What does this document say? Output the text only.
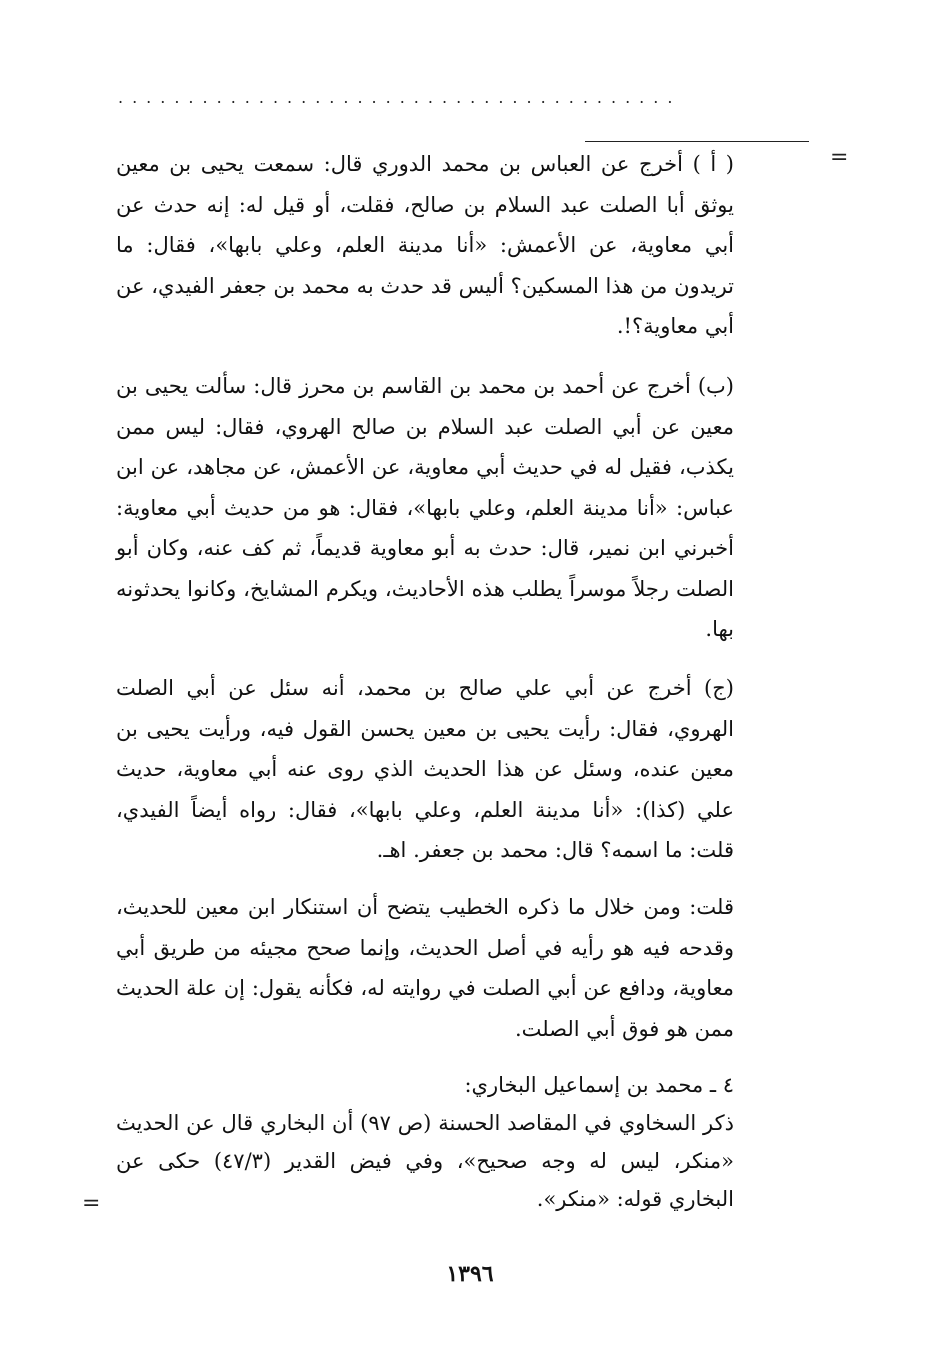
........................................
=
=

( أ ) أخرج عن العباس بن محمد الدوري قال: سمعت يحيى بن معين يوثق أبا الصلت عبد السلام بن صالح، فقلت، أو قيل له: إنه حدث عن أبي معاوية، عن الأعمش: «أنا مدينة العلم، وعلي بابها»، فقال: ما تريدون من هذا المسكين؟ أليس قد حدث به محمد بن جعفر الفيدي، عن أبي معاوية؟!.

(ب) أخرج عن أحمد بن محمد بن القاسم بن محرز قال: سألت يحيى بن معين عن أبي الصلت عبد السلام بن صالح الهروي، فقال: ليس ممن يكذب، فقيل له في حديث أبي معاوية، عن الأعمش، عن مجاهد، عن ابن عباس: «أنا مدينة العلم، وعلي بابها»، فقال: هو من حديث أبي معاوية: أخبرني ابن نمير، قال: حدث به أبو معاوية قديماً، ثم كف عنه، وكان أبو الصلت رجلاً موسراً يطلب هذه الأحاديث، ويكرم المشايخ، وكانوا يحدثونه بها.

(ج) أخرج عن أبي علي صالح بن محمد، أنه سئل عن أبي الصلت الهروي، فقال: رأيت يحيى بن معين يحسن القول فيه، ورأيت يحيى بن معين عنده، وسئل عن هذا الحديث الذي روى عنه أبي معاوية، حديث علي (كذا): «أنا مدينة العلم، وعلي بابها»، فقال: رواه أيضاً الفيدي، قلت: ما اسمه؟ قال: محمد بن جعفر. اهـ.

قلت: ومن خلال ما ذكره الخطيب يتضح أن استنكار ابن معين للحديث، وقدحه فيه هو رأيه في أصل الحديث، وإنما صحح مجيئه من طريق أبي معاوية، ودافع عن أبي الصلت في روايته له، فكأنه يقول: إن علة الحديث ممن هو فوق أبي الصلت.

٤ ـ محمد بن إسماعيل البخاري:

ذكر السخاوي في المقاصد الحسنة (ص ٩٧) أن البخاري قال عن الحديث «منكر، ليس له وجه صحيح»، وفي فيض القدير (٤٧/٣) حكى عن البخاري قوله: «منكر».

١٣٩٦
